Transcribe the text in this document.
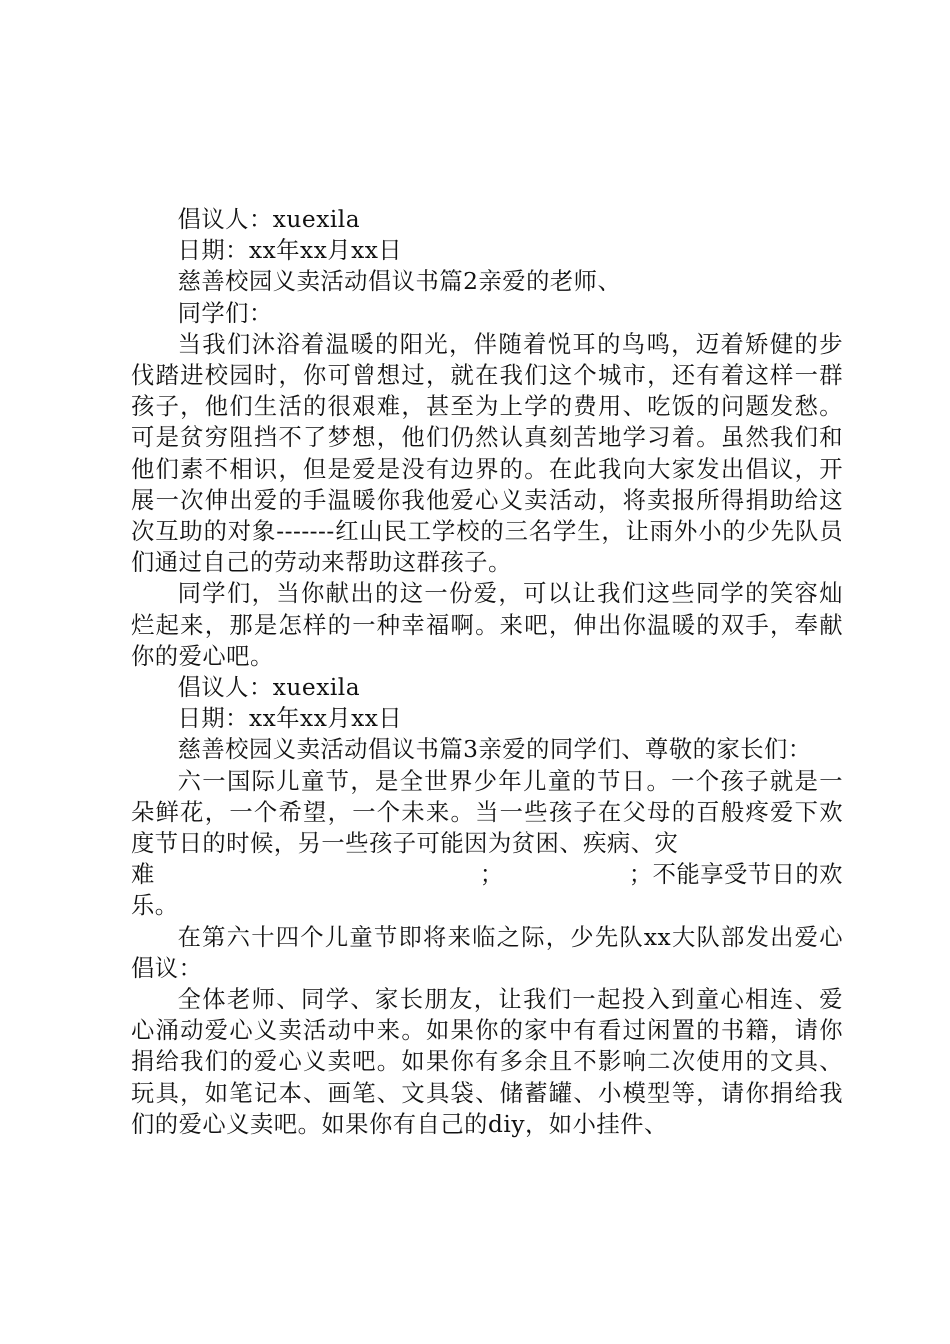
倡议人：xuexila

日期：xx年xx月xx日

慈善校园义卖活动倡议书篇2亲爱的老师、

同学们：

当我们沐浴着温暖的阳光，伴随着悦耳的鸟鸣，迈着矫健的步伐踏进校园时，你可曾想过，就在我们这个城市，还有着这样一群孩子，他们生活的很艰难，甚至为上学的费用、吃饭的问题发愁。可是贫穷阻挡不了梦想，他们仍然认真刻苦地学习着。虽然我们和他们素不相识，但是爱是没有边界的。在此我向大家发出倡议，开展一次伸出爱的手温暖你我他爱心义卖活动，将卖报所得捐助给这次互助的对象-------红山民工学校的三名学生，让雨外小的少先队员们通过自己的劳动来帮助这群孩子。

同学们，当你献出的这一份爱，可以让我们这些同学的笑容灿烂起来，那是怎样的一种幸福啊。来吧，伸出你温暖的双手，奉献你的爱心吧。

倡议人：xuexila

日期：xx年xx月xx日

慈善校园义卖活动倡议书篇3亲爱的同学们、尊敬的家长们：

六一国际儿童节，是全世界少年儿童的节日。一个孩子就是一朵鲜花，一个希望，一个未来。当一些孩子在父母的百般疼爱下欢度节日的时候，另一些孩子可能因为贫困、疾病、灾

难	；	；不能享受节日的欢

乐。

在第六十四个儿童节即将来临之际，少先队xx大队部发出爱心倡议：

全体老师、同学、家长朋友，让我们一起投入到童心相连、爱心涌动爱心义卖活动中来。如果你的家中有看过闲置的书籍，请你捐给我们的爱心义卖吧。如果你有多余且不影响二次使用的文具、玩具，如笔记本、画笔、文具袋、储蓄罐、小模型等，请你捐给我们的爱心义卖吧。如果你有自己的diy，如小挂件、
